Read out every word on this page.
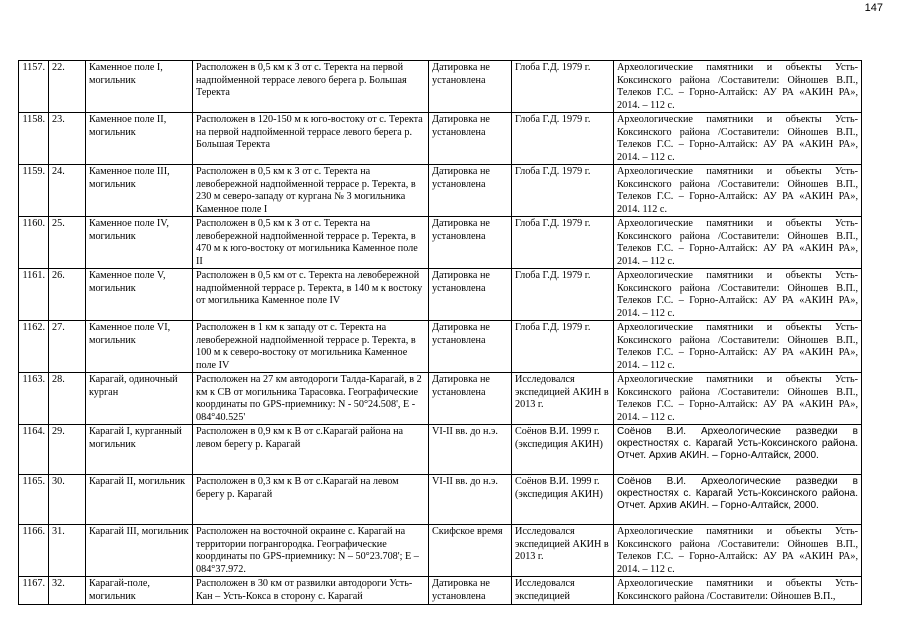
147
1157.	22.	Каменное поле I, могильник	Расположен в 0,5 км к З от с. Теректа на первой надпойменной террасе левого берега р. Большая Теректа	Датировка не установлена	Глоба Г.Д. 1979 г.	Археологические памятники и объекты Усть-Коксинского района /Составители: Ойношев В.П., Телеков Г.С. – Горно-Алтайск: АУ РА «АКИН РА», 2014. – 112 с.
1158.	23.	Каменное поле II, могильник	Расположен в 120-150 м к юго-востоку от с. Теректа на первой надпойменной террасе левого берега р. Большая Теректа	Датировка не установлена	Глоба Г.Д. 1979 г.	Археологические памятники и объекты Усть-Коксинского района /Составители: Ойношев В.П., Телеков Г.С. – Горно-Алтайск: АУ РА «АКИН РА», 2014. – 112 с.
1159.	24.	Каменное поле III, могильник	Расположен в 0,5 км к З от с. Теректа на левобережной надпойменной террасе р. Теректа, в 230 м северо-западу от кургана № 3 могильника Каменное поле I	Датировка не установлена	Глоба Г.Д. 1979 г.	Археологические памятники и объекты Усть-Коксинского района /Составители: Ойношев В.П., Телеков Г.С. – Горно-Алтайск: АУ РА «АКИН РА», 2014. 112 с.
1160.	25.	Каменное поле IV, могильник	Расположен в 0,5 км к З от с. Теректа на левобережной надпойменной террасе р. Теректа, в 470 м к юго-востоку от могильника Каменное поле II	Датировка не установлена	Глоба Г.Д. 1979 г.	Археологические памятники и объекты Усть-Коксинского района /Составители: Ойношев В.П., Телеков Г.С. – Горно-Алтайск: АУ РА «АКИН РА», 2014. – 112 с.
1161.	26.	Каменное поле V, могильник	Расположен в 0,5 км от с. Теректа на левобережной надпойменной террасе р. Теректа, в 140 м к востоку от могильника Каменное поле IV	Датировка не установлена	Глоба Г.Д. 1979 г.	Археологические памятники и объекты Усть-Коксинского района /Составители: Ойношев В.П., Телеков Г.С. – Горно-Алтайск: АУ РА «АКИН РА», 2014. – 112 с.
1162.	27.	Каменное поле VI, могильник	Расположен в 1 км к западу от с. Теректа на левобережной надпойменной террасе р. Теректа, в 100 м к северо-востоку от могильника Каменное поле IV	Датировка не установлена	Глоба Г.Д. 1979 г.	Археологические памятники и объекты Усть-Коксинского района /Составители: Ойношев В.П., Телеков Г.С. – Горно-Алтайск: АУ РА «АКИН РА», 2014. – 112 с.
1163.	28.	Карагай, одиночный курган	Расположен на 27 км автодороги Талда-Карагай, в 2 км к СВ от могильника Тарасовка. Географические координаты по GPS-приемнику: N - 50°24.508', E - 084°40.525'	Датировка не установлена	Исследовался экспедицией АКИН в 2013 г.	Археологические памятники и объекты Усть-Коксинского района /Составители: Ойношев В.П., Телеков Г.С. – Горно-Алтайск: АУ РА «АКИН РА», 2014. – 112 с.
1164.	29.	Карагай I, курганный могильник	Расположен в 0,9 км к В от с.Карагай района на левом берегу р. Карагай	VI-II вв. до н.э.	Соёнов В.И. 1999 г. (экспедиция АКИН)	Соёнов В.И. Археологические разведки в окрестностях с. Карагай Усть-Коксинского района. Отчет. Архив АКИН. – Горно-Алтайск, 2000.
1165.	30.	Карагай II, могильник	Расположен в 0,3 км к В от с.Карагай на левом берегу р. Карагай	VI-II вв. до н.э.	Соёнов В.И. 1999 г. (экспедиция АКИН)	Соёнов В.И. Археологические разведки в окрестностях с. Карагай Усть-Коксинского района. Отчет. Архив АКИН. – Горно-Алтайск, 2000.
1166.	31.	Карагай III, могильник	Расположен на восточной окраине с. Карагай на территории погрангородка. Географические координаты по GPS-приемнику: N – 50°23.708'; E – 084°37.972.	Скифское время	Исследовался экспедицией АКИН в 2013 г.	Археологические памятники и объекты Усть-Коксинского района /Составители: Ойношев В.П., Телеков Г.С. – Горно-Алтайск: АУ РА «АКИН РА», 2014. – 112 с.
1167.	32.	Карагай-поле, могильник	Расположен в 30 км от развилки автодороги Усть-Кан – Усть-Кокса в сторону с. Карагай	Датировка не установлена	Исследовался экспедицией	Археологические памятники и объекты Усть-Коксинского района /Составители: Ойношев В.П.,
